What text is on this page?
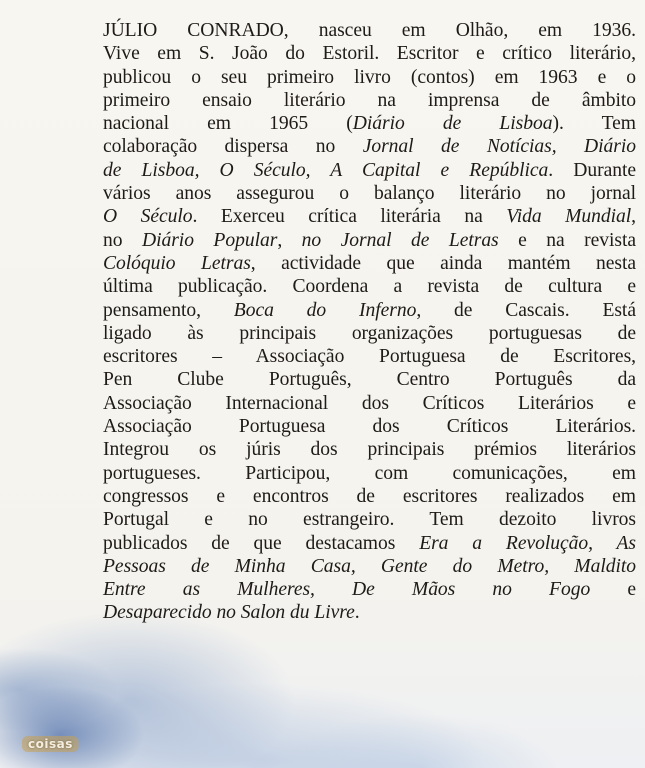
JÚLIO CONRADO, nasceu em Olhão, em 1936.
Vive em S. João do Estoril. Escritor e crítico literário,
publicou o seu primeiro livro (contos) em 1963 e o
primeiro ensaio literário na imprensa de âmbito
nacional em 1965 (Diário de Lisboa). Tem
colaboração dispersa no Jornal de Notícias, Diário
de Lisboa, O Século, A Capital e República. Durante
vários anos assegurou o balanço literário no jornal
O Século. Exerceu crítica literária na Vida Mundial,
no Diário Popular, no Jornal de Letras e na revista
Colóquio Letras, actividade que ainda mantém nesta
última publicação. Coordena a revista de cultura e
pensamento, Boca do Inferno, de Cascais. Está
ligado às principais organizações portuguesas de
escritores – Associação Portuguesa de Escritores,
Pen Clube Português, Centro Português da
Associação Internacional dos Críticos Literários e
Associação Portuguesa dos Críticos Literários.
Integrou os júris dos principais prémios literários
portugueses. Participou, com comunicações, em
congressos e encontros de escritores realizados em
Portugal e no estrangeiro. Tem dezoito livros
publicados de que destacamos Era a Revolução, As
Pessoas de Minha Casa, Gente do Metro, Maldito
Entre as Mulheres, De Mãos no Fogo e
Desaparecido no Salon du Livre.

coisas
